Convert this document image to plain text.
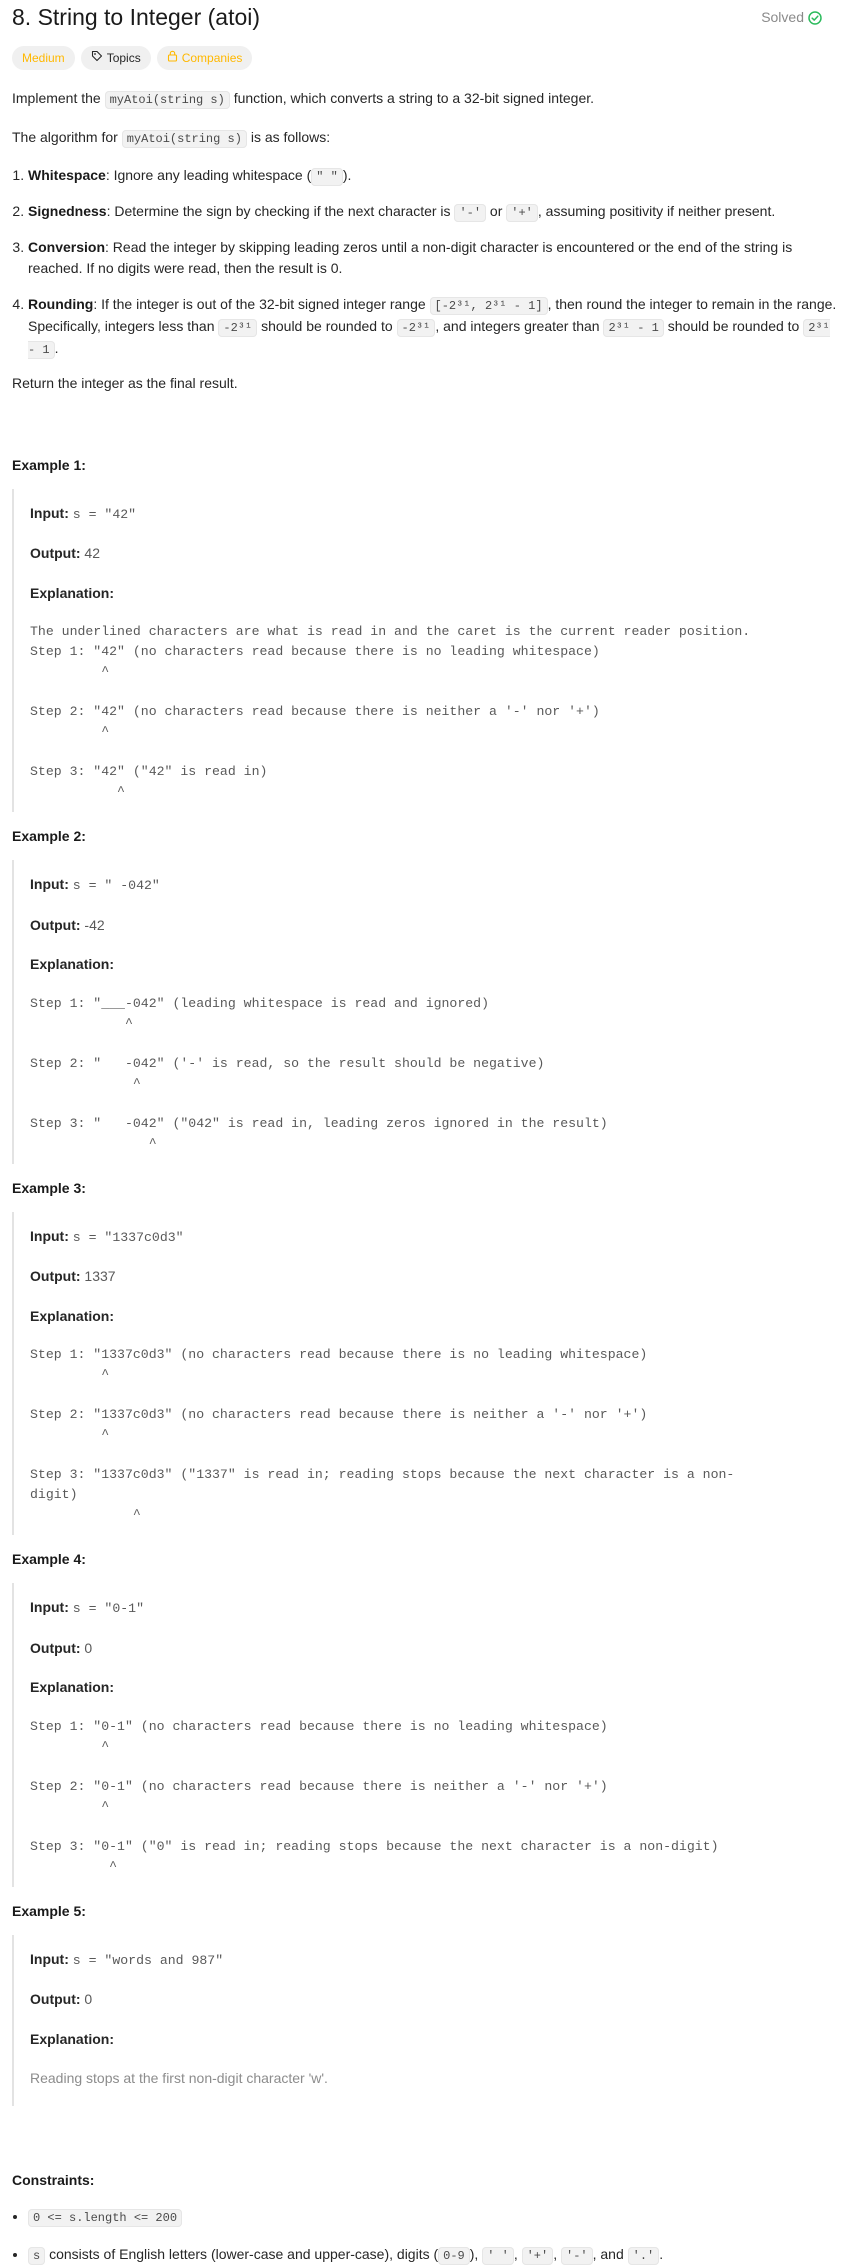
8. String to Integer (atoi)	Solved
Medium	Topics	Companies

Implement the myAtoi(string s) function, which converts a string to a 32-bit signed integer.

The algorithm for myAtoi(string s) is as follows:

1. Whitespace: Ignore any leading whitespace ( " " ).
2. Signedness: Determine the sign by checking if the next character is '-' or '+' , assuming positivity if neither present.
3. Conversion: Read the integer by skipping leading zeros until a non-digit character is encountered or the end of the string is reached. If no digits were read, then the result is 0.
4. Rounding: If the integer is out of the 32-bit signed integer range [-2³¹, 2³¹ - 1] , then round the integer to remain in the range. Specifically, integers less than -2³¹ should be rounded to -2³¹ , and integers greater than 2³¹ - 1 should be rounded to 2³¹ - 1 .

Return the integer as the final result.

Example 1:
Input: s = "42"
Output: 42
Explanation:
The underlined characters are what is read in and the caret is the current reader position.
Step 1: "42" (no characters read because there is no leading whitespace)
^
Step 2: "42" (no characters read because there is neither a '-' nor '+')
^
Step 3: "42" ("42" is read in)
^
Example 2:
Input: s = " -042"
Output: -42
Explanation:
Step 1: "___-042" (leading whitespace is read and ignored)
^
Step 2: "   -042" ('-' is read, so the result should be negative)
^
Step 3: "   -042" ("042" is read in, leading zeros ignored in the result)
^
Example 3:
Input: s = "1337c0d3"
Output: 1337
Explanation:
Step 1: "1337c0d3" (no characters read because there is no leading whitespace)
^
Step 2: "1337c0d3" (no characters read because there is neither a '-' nor '+')
^
Step 3: "1337c0d3" ("1337" is read in; reading stops because the next character is a non-
digit)
^
Example 4:
Input: s = "0-1"
Output: 0
Explanation:
Step 1: "0-1" (no characters read because there is no leading whitespace)
^
Step 2: "0-1" (no characters read because there is neither a '-' nor '+')
^
Step 3: "0-1" ("0" is read in; reading stops because the next character is a non-digit)
^
Example 5:
Input: s = "words and 987"
Output: 0
Explanation:
Reading stops at the first non-digit character 'w'.
Constraints:
• 0 <= s.length <= 200
• s consists of English letters (lower-case and upper-case), digits ( 0-9 ), ' ' , '+' , '-' , and '.' .
